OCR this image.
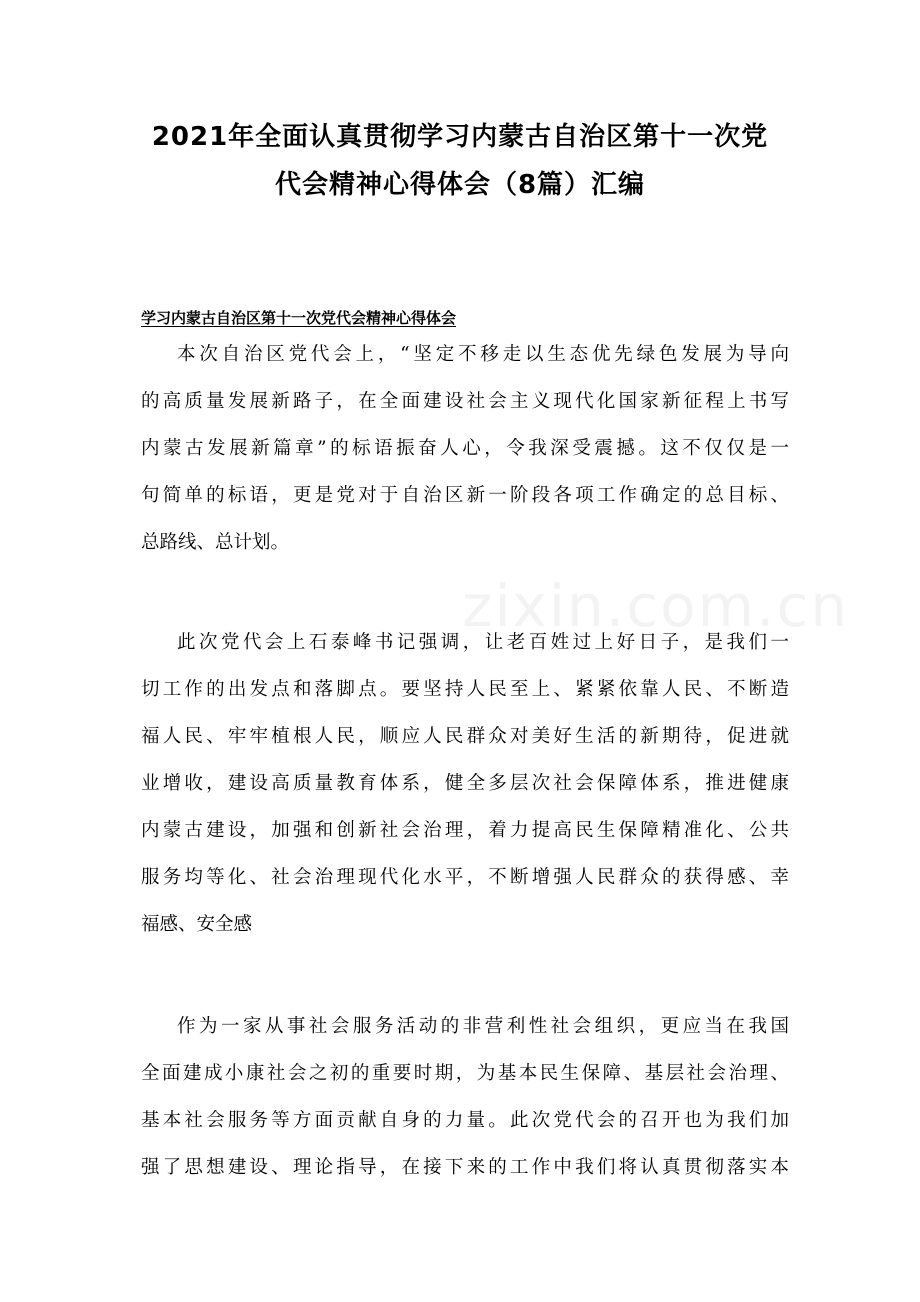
2021年全面认真贯彻学习内蒙古自治区第十一次党
代会精神心得体会（8篇）汇编
学习内蒙古自治区第十一次党代会精神心得体会
本次自治区党代会上，“坚定不移走以生态优先绿色发展为导向
的高质量发展新路子，在全面建设社会主义现代化国家新征程上书写
内蒙古发展新篇章”的标语振奋人心，令我深受震撼。这不仅仅是一
句简单的标语，更是党对于自治区新一阶段各项工作确定的总目标、
总路线、总计划。
此次党代会上石泰峰书记强调，让老百姓过上好日子，是我们一
切工作的出发点和落脚点。要坚持人民至上、紧紧依靠人民、不断造
福人民、牢牢植根人民，顺应人民群众对美好生活的新期待，促进就
业增收，建设高质量教育体系，健全多层次社会保障体系，推进健康
内蒙古建设，加强和创新社会治理，着力提高民生保障精准化、公共
服务均等化、社会治理现代化水平，不断增强人民群众的获得感、幸
福感、安全感
作为一家从事社会服务活动的非营利性社会组织，更应当在我国
全面建成小康社会之初的重要时期，为基本民生保障、基层社会治理、
基本社会服务等方面贡献自身的力量。此次党代会的召开也为我们加
强了思想建设、理论指导，在接下来的工作中我们将认真贯彻落实本
